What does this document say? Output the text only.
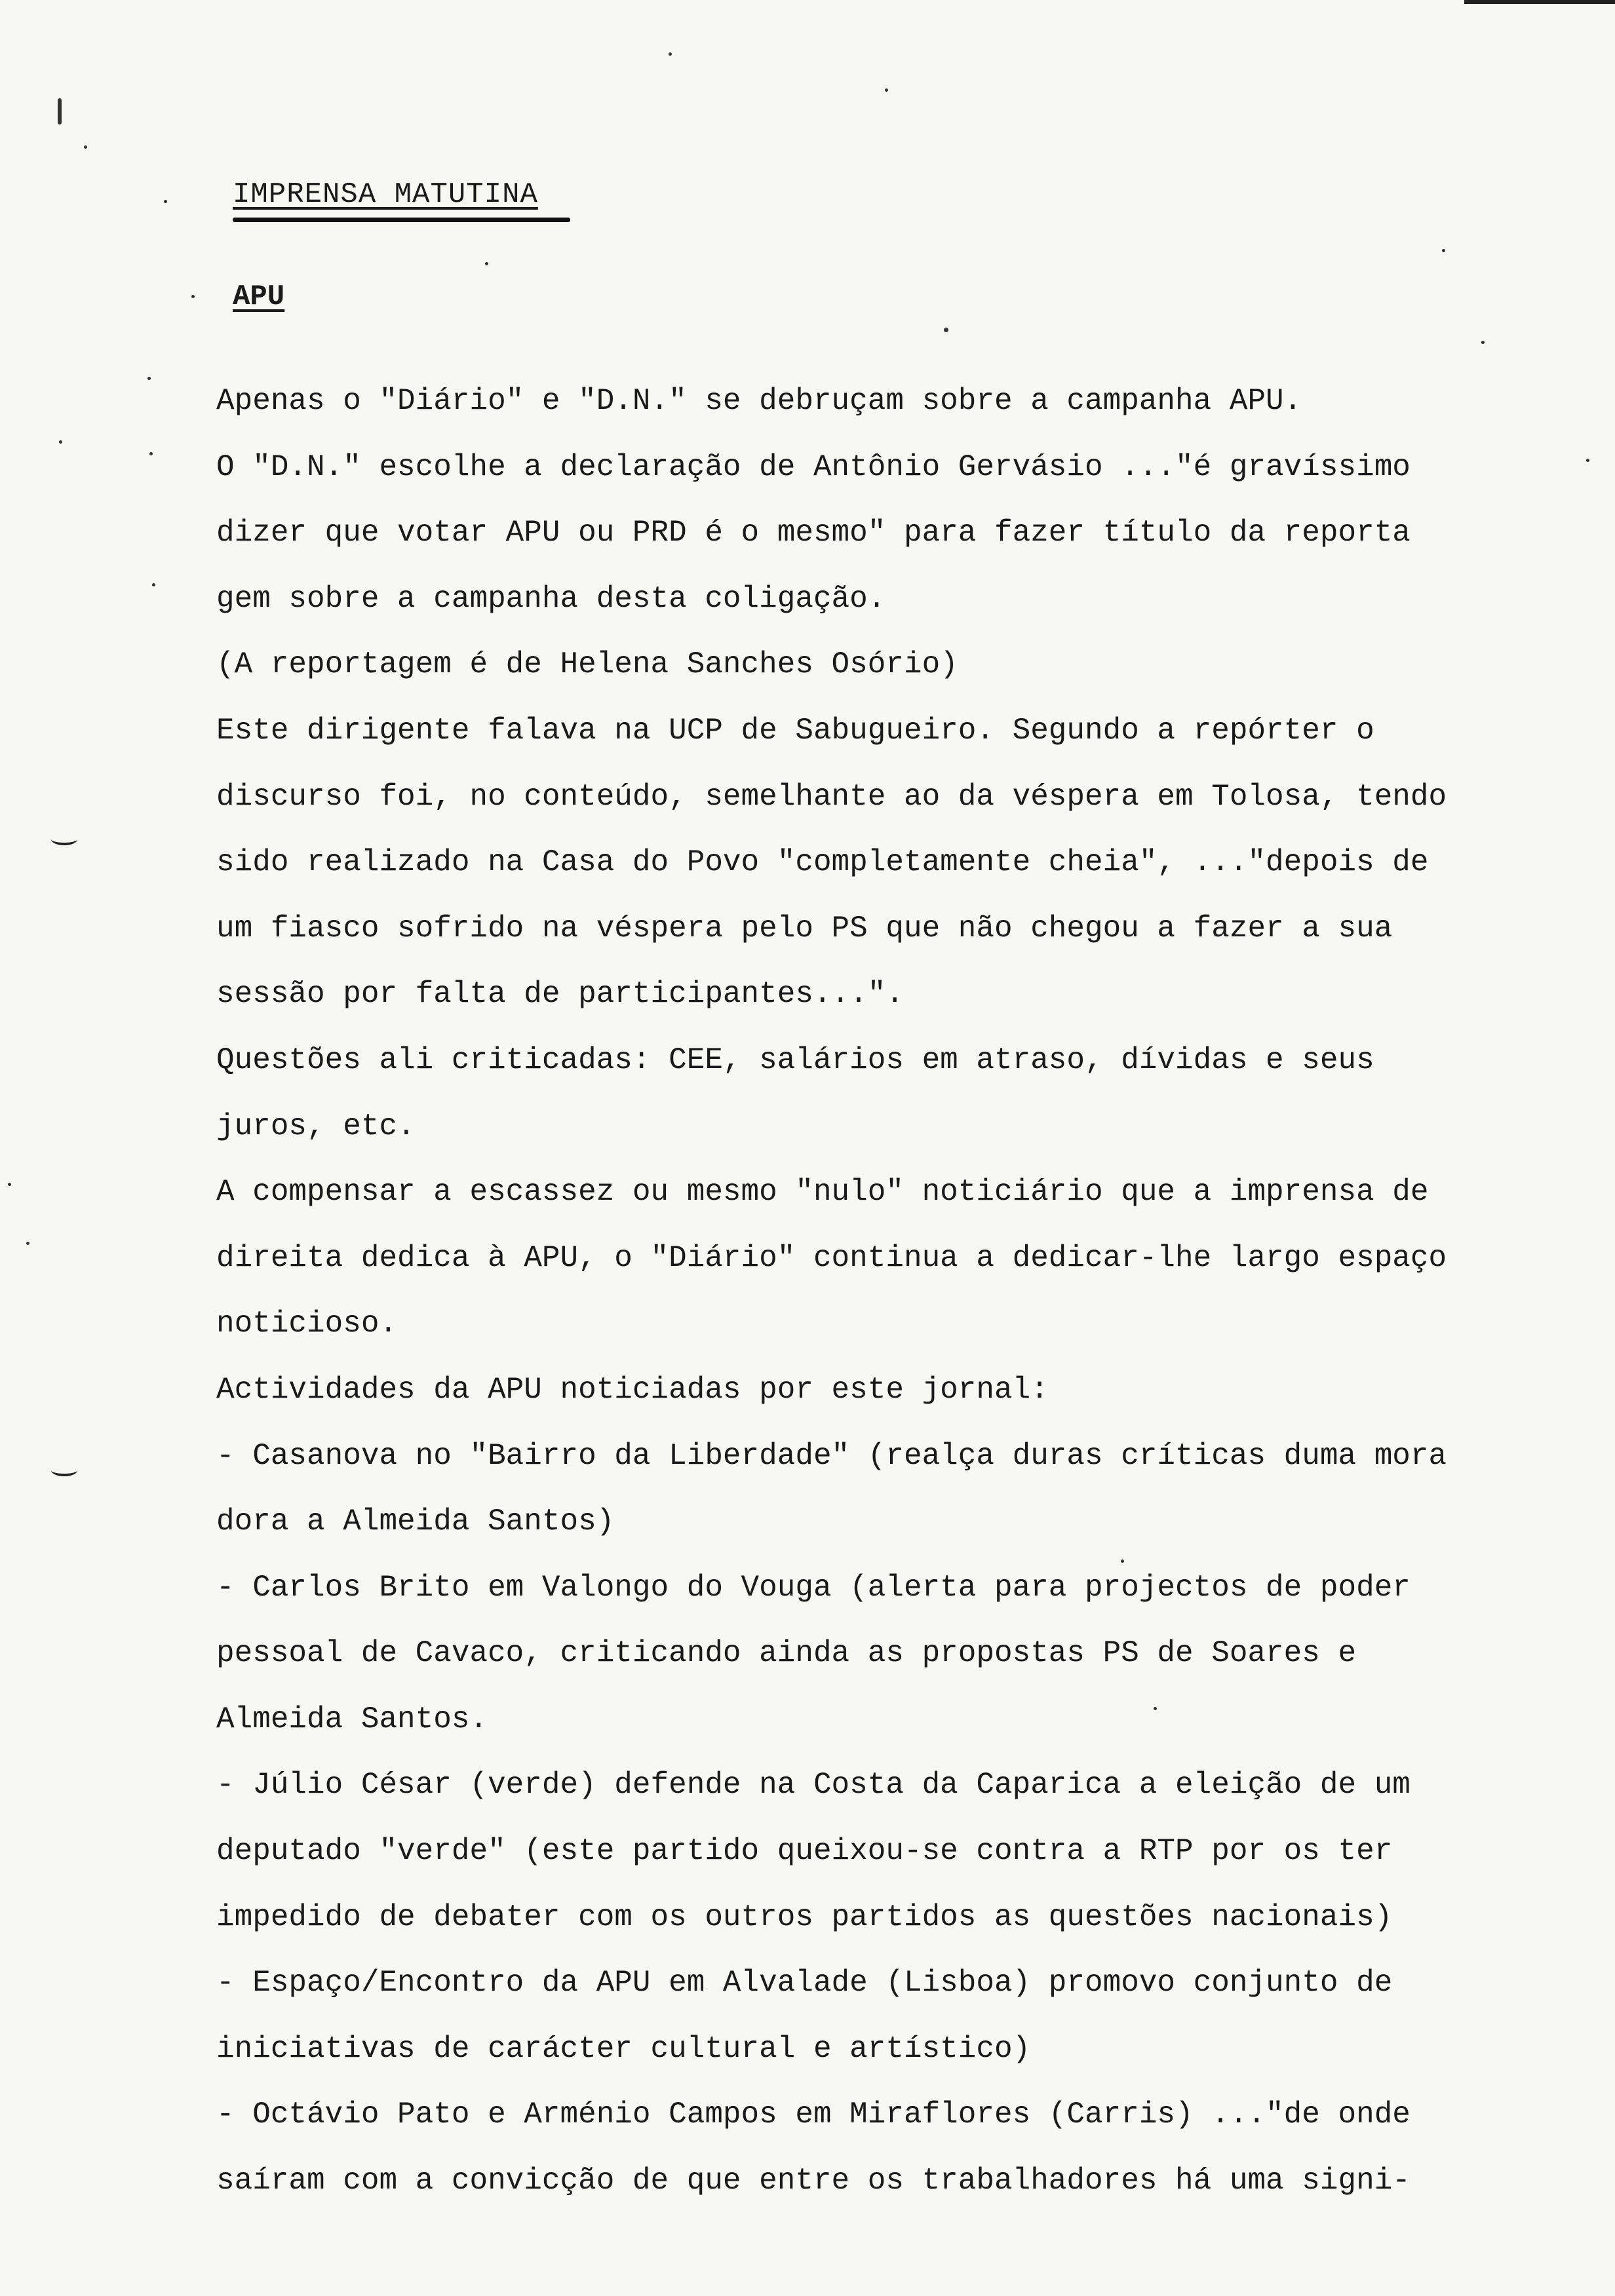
IMPRENSA MATUTINA
APU
Apenas o "Diário" e "D.N." se debruçam sobre a campanha APU.
O "D.N." escolhe a declaração de Antônio Gervásio ..."é gravíssimo
dizer que votar APU ou PRD é o mesmo" para fazer título da reporta
gem sobre a campanha desta coligação.
(A reportagem é de Helena Sanches Osório)
Este dirigente falava na UCP de Sabugueiro. Segundo a repórter o
discurso foi, no conteúdo, semelhante ao da véspera em Tolosa, tendo
sido realizado na Casa do Povo "completamente cheia", ..."depois de
um fiasco sofrido na véspera pelo PS que não chegou a fazer a sua
sessão por falta de participantes...".
Questões ali criticadas: CEE, salários em atraso, dívidas e seus
juros, etc.
A compensar a escassez ou mesmo "nulo" noticiário que a imprensa de
direita dedica à APU, o "Diário" continua a dedicar-lhe largo espaço
noticioso.
Actividades da APU noticiadas por este jornal:
- Casanova no "Bairro da Liberdade" (realça duras críticas duma mora
dora a Almeida Santos)
- Carlos Brito em Valongo do Vouga (alerta para projectos de poder
pessoal de Cavaco, criticando ainda as propostas PS de Soares e
Almeida Santos.
- Júlio César (verde) defende na Costa da Caparica a eleição de um
deputado "verde" (este partido queixou-se contra a RTP por os ter
impedido de debater com os outros partidos as questões nacionais)
- Espaço/Encontro da APU em Alvalade (Lisboa) promovo conjunto de
iniciativas de carácter cultural e artístico)
- Octávio Pato e Arménio Campos em Miraflores (Carris) ..."de onde
saíram com a convicção de que entre os trabalhadores há uma signi-
